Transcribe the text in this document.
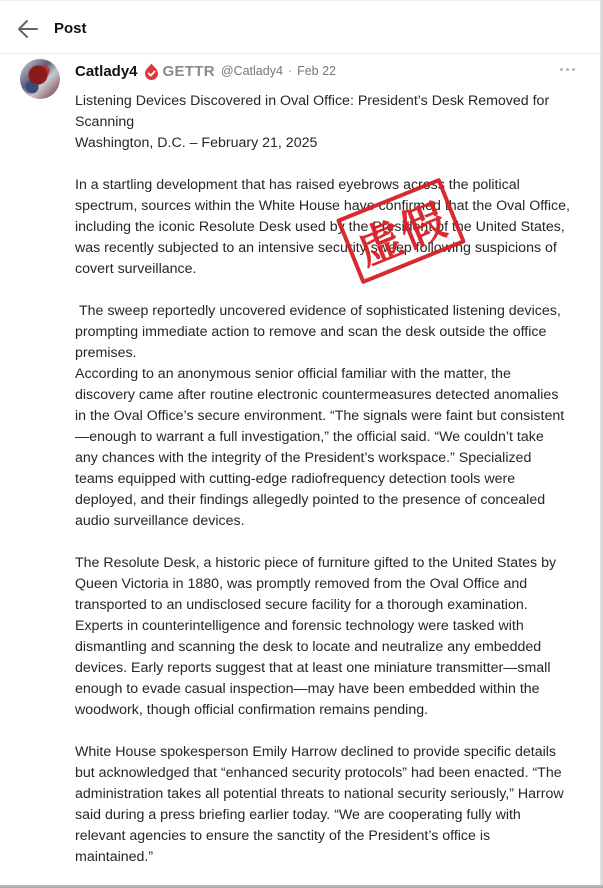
Post
Catlady4 GETTR @Catlady4 · Feb 22

Listening Devices Discovered in Oval Office: President’s Desk Removed for Scanning

Washington, D.C. – February 21, 2025

In a startling development that has raised eyebrows across the political spectrum, sources within the White House have confirmed that the Oval Office, including the iconic Resolute Desk used by the President of the United States, was recently subjected to an intensive security sweep following suspicions of covert surveillance.

The sweep reportedly uncovered evidence of sophisticated listening devices, prompting immediate action to remove and scan the desk outside the office premises.

According to an anonymous senior official familiar with the matter, the discovery came after routine electronic countermeasures detected anomalies in the Oval Office’s secure environment. “The signals were faint but consistent—enough to warrant a full investigation,” the official said. “We couldn’t take any chances with the integrity of the President’s workspace.” Specialized teams equipped with cutting-edge radiofrequency detection tools were deployed, and their findings allegedly pointed to the presence of concealed audio surveillance devices.

The Resolute Desk, a historic piece of furniture gifted to the United States by Queen Victoria in 1880, was promptly removed from the Oval Office and transported to an undisclosed secure facility for a thorough examination. Experts in counterintelligence and forensic technology were tasked with dismantling and scanning the desk to locate and neutralize any embedded devices. Early reports suggest that at least one miniature transmitter—small enough to evade casual inspection—may have been embedded within the woodwork, though official confirmation remains pending.

White House spokesperson Emily Harrow declined to provide specific details but acknowledged that “enhanced security protocols” had been enacted. “The administration takes all potential threats to national security seriously,” Harrow said during a press briefing earlier today. “We are cooperating fully with relevant agencies to ensure the sanctity of the President’s office is maintained.”

虚假
